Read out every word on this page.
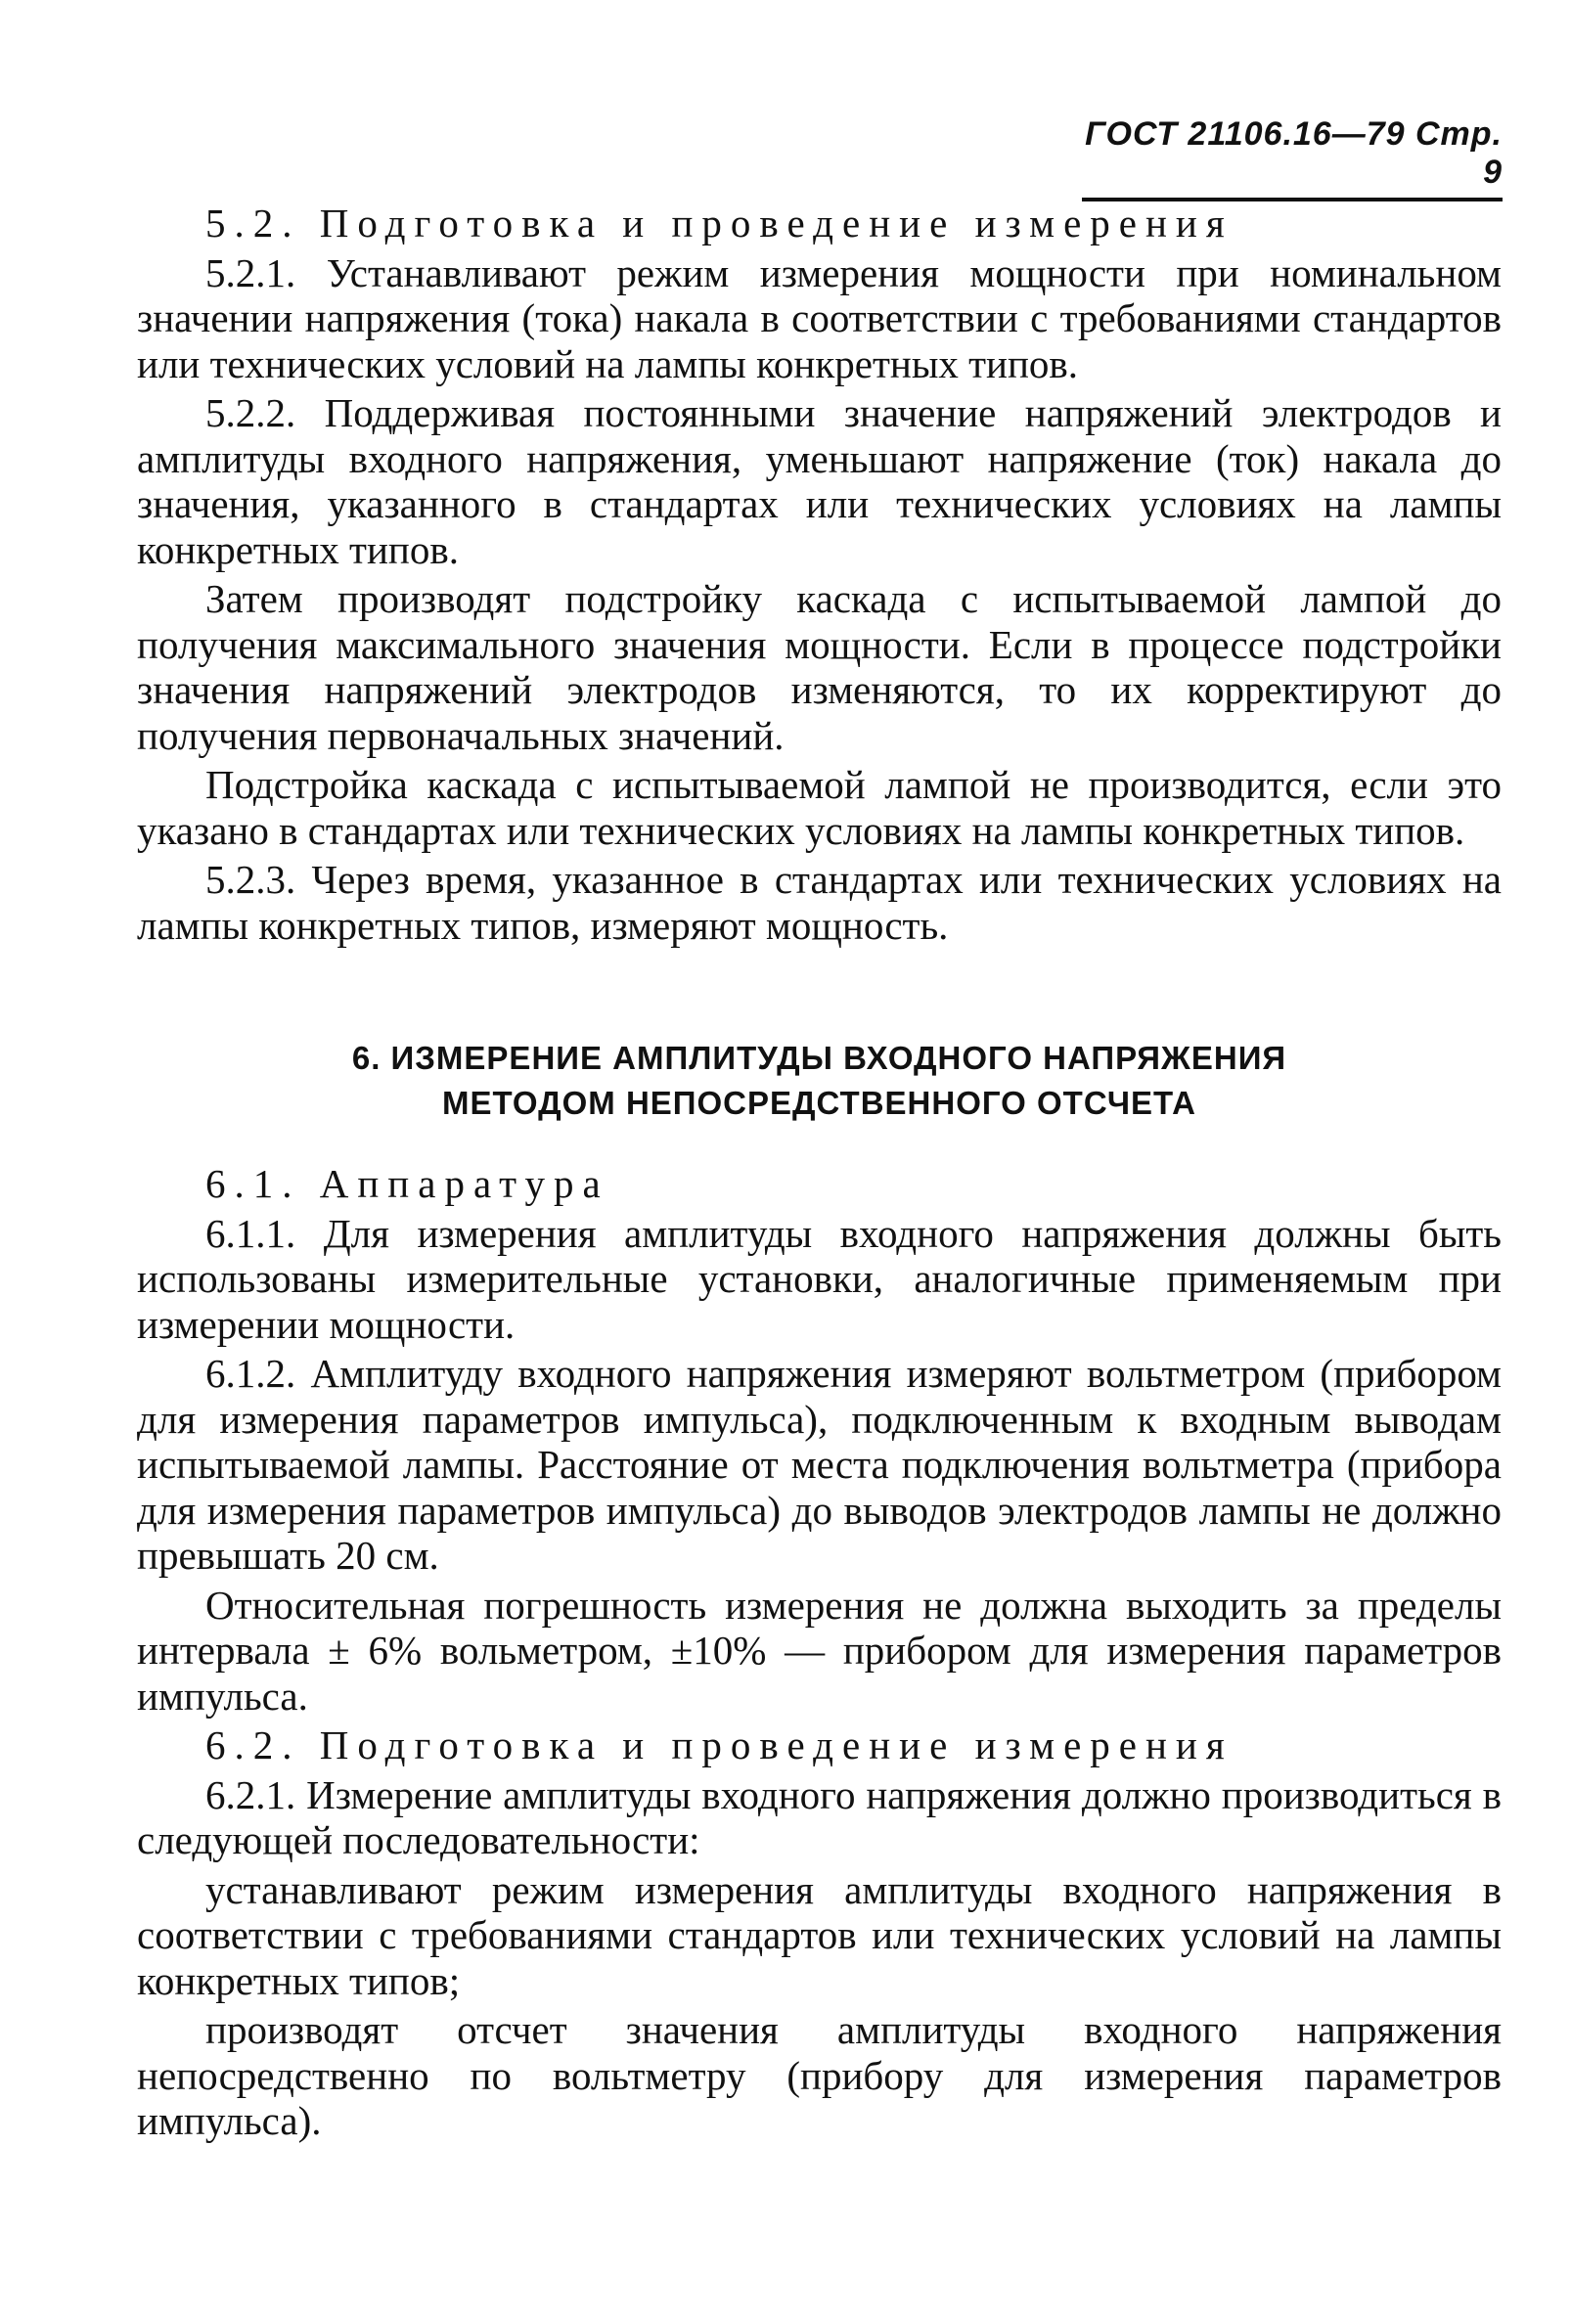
ГОСТ 21106.16—79 Стр. 9

5.2. Подготовка и проведение измерения

5.2.1. Устанавливают режим измерения мощности при номинальном значении напряжения (тока) накала в соответствии с требованиями стандартов или технических условий на лампы конкретных типов.

5.2.2. Поддерживая постоянными значение напряжений электродов и амплитуды входного напряжения, уменьшают напряжение (ток) накала до значения, указанного в стандартах или технических условиях на лампы конкретных типов.

Затем производят подстройку каскада с испытываемой лампой до получения максимального значения мощности. Если в процессе подстройки значения напряжений электродов изменяются, то их корректируют до получения первоначальных значений.

Подстройка каскада с испытываемой лампой не производится, если это указано в стандартах или технических условиях на лампы конкретных типов.

5.2.3. Через время, указанное в стандартах или технических условиях на лампы конкретных типов, измеряют мощность.

6. ИЗМЕРЕНИЕ АМПЛИТУДЫ ВХОДНОГО НАПРЯЖЕНИЯ
МЕТОДОМ НЕПОСРЕДСТВЕННОГО ОТСЧЕТА

6.1. Аппаратура

6.1.1. Для измерения амплитуды входного напряжения должны быть использованы измерительные установки, аналогичные применяемым при измерении мощности.

6.1.2. Амплитуду входного напряжения измеряют вольтметром (прибором для измерения параметров импульса), подключенным к входным выводам испытываемой лампы. Расстояние от места подключения вольтметра (прибора для измерения параметров импульса) до выводов электродов лампы не должно превышать 20 см.

Относительная погрешность измерения не должна выходить за пределы интервала ± 6% вольметром, ±10% — прибором для измерения параметров импульса.

6.2. Подготовка и проведение измерения

6.2.1. Измерение амплитуды входного напряжения должно производиться в следующей последовательности:

устанавливают режим измерения амплитуды входного напряжения в соответствии с требованиями стандартов или технических условий на лампы конкретных типов;

производят отсчет значения амплитуды входного напряжения непосредственно по вольтметру (прибору для измерения параметров импульса).
